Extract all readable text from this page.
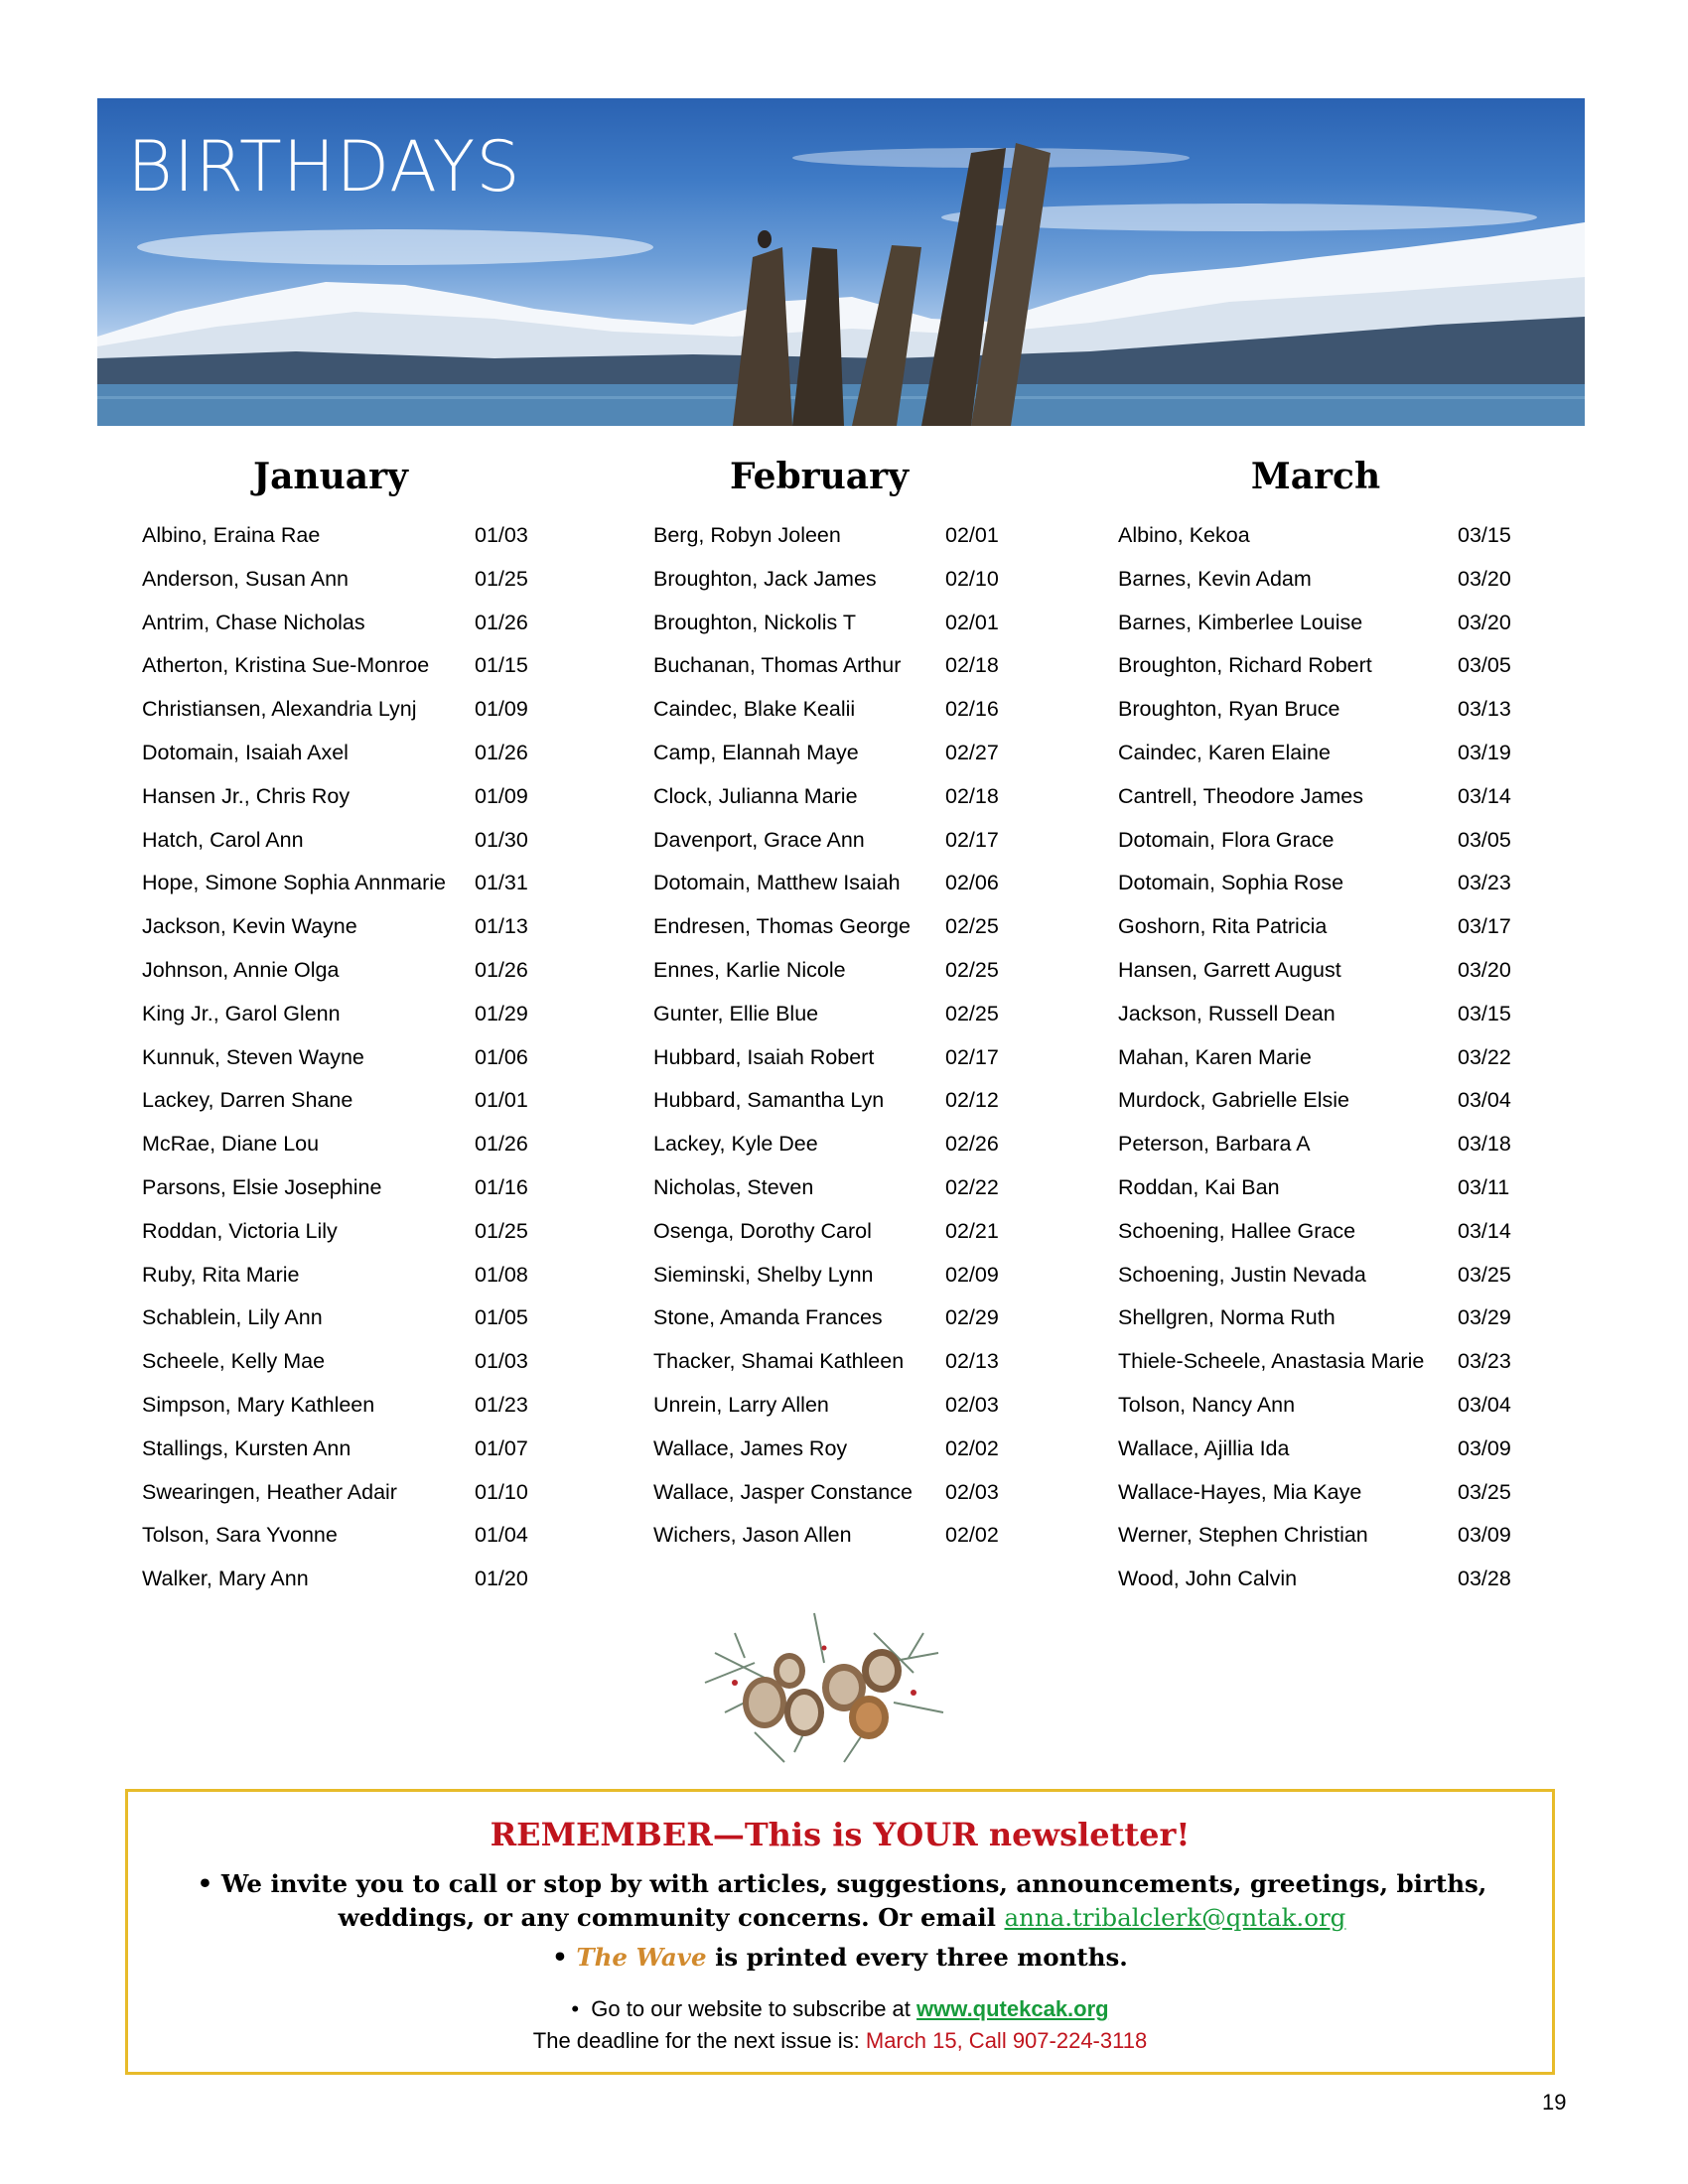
BIRTHDAYS
January
Albino, Eraina Rae	01/03
Anderson, Susan Ann	01/25
Antrim, Chase Nicholas	01/26
Atherton, Kristina Sue-Monroe 01/15
Christiansen, Alexandria Lynj	01/09
Dotomain, Isaiah Axel	01/26
Hansen Jr., Chris Roy	01/09
Hatch, Carol Ann	01/30
Hope, Simone Sophia Annmarie 01/31
Jackson, Kevin Wayne	01/13
Johnson, Annie Olga	01/26
King Jr., Garol Glenn	01/29
Kunnuk, Steven Wayne	01/06
Lackey, Darren Shane	01/01
McRae, Diane Lou	01/26
Parsons, Elsie Josephine	01/16
Roddan, Victoria Lily	01/25
Ruby, Rita Marie	01/08
Schablein, Lily Ann	01/05
Scheele, Kelly Mae	01/03
Simpson, Mary Kathleen	01/23
Stallings, Kursten Ann	01/07
Swearingen, Heather Adair	01/10
Tolson, Sara Yvonne	01/04
Walker, Mary Ann	01/20
February
Berg, Robyn Joleen	02/01
Broughton, Jack James	02/10
Broughton, Nickolis T	02/01
Buchanan, Thomas Arthur 02/18
Caindec, Blake Kealii	02/16
Camp, Elannah Maye	02/27
Clock, Julianna Marie	02/18
Davenport, Grace Ann	02/17
Dotomain, Matthew Isaiah 02/06
Endresen, Thomas George 02/25
Ennes, Karlie Nicole	02/25
Gunter, Ellie Blue	02/25
Hubbard, Isaiah Robert	02/17
Hubbard, Samantha Lyn	02/12
Lackey, Kyle Dee	02/26
Nicholas, Steven	02/22
Osenga, Dorothy Carol	02/21
Sieminski, Shelby Lynn	02/09
Stone, Amanda Frances	02/29
Thacker, Shamai Kathleen 02/13
Unrein, Larry Allen	02/03
Wallace, James Roy	02/02
Wallace, Jasper Constance 02/03
Wichers, Jason Allen	02/02
March
Albino, Kekoa	03/15
Barnes, Kevin Adam	03/20
Barnes, Kimberlee Louise	03/20
Broughton, Richard Robert	03/05
Broughton, Ryan Bruce	03/13
Caindec, Karen Elaine	03/19
Cantrell, Theodore James	03/14
Dotomain, Flora Grace	03/05
Dotomain, Sophia Rose	03/23
Goshorn, Rita Patricia	03/17
Hansen, Garrett August	03/20
Jackson, Russell Dean	03/15
Mahan, Karen Marie	03/22
Murdock, Gabrielle Elsie	03/04
Peterson, Barbara A	03/18
Roddan, Kai Ban	03/11
Schoening, Hallee Grace	03/14
Schoening, Justin Nevada	03/25
Shellgren, Norma Ruth	03/29
Thiele-Scheele, Anastasia Marie 03/23
Tolson, Nancy Ann	03/04
Wallace, Ajillia Ida	03/09
Wallace-Hayes, Mia Kaye	03/25
Werner, Stephen Christian	03/09
Wood, John Calvin	03/28
REMEMBER—This is YOUR newsletter!
• We invite you to call or stop by with articles, suggestions, announcements, greetings, births, weddings, or any community concerns. Or email anna.tribalclerk@qntak.org
• The Wave is printed every three months.
• Go to our website to subscribe at www.qutekcak.org
The deadline for the next issue is: March 15, Call 907-224-3118
19
